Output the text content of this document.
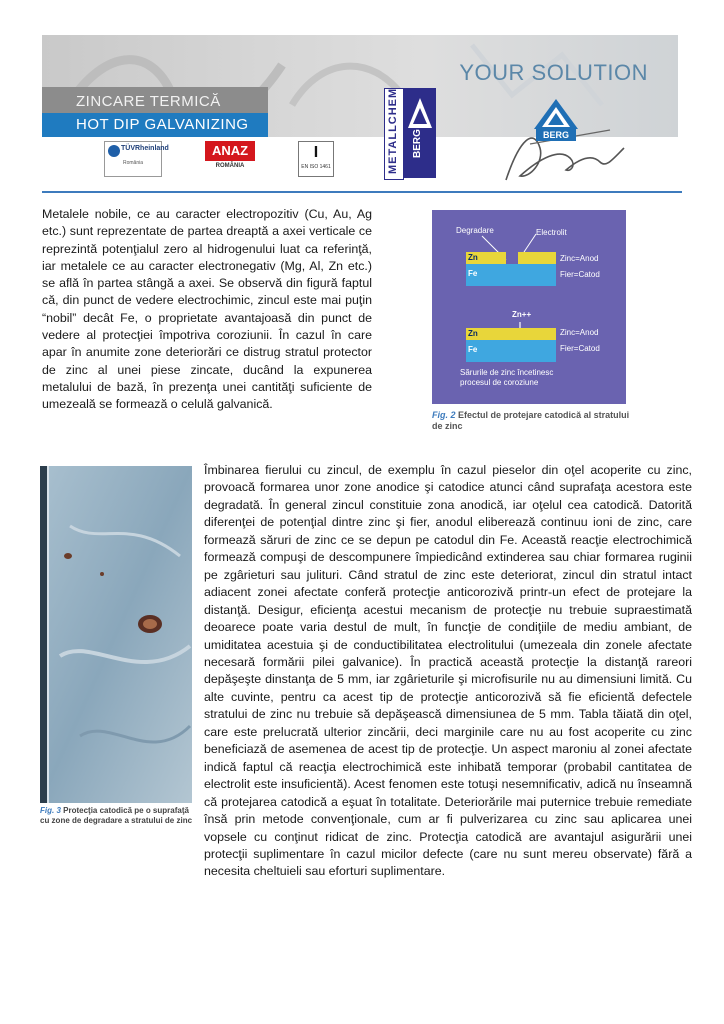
YOUR SOLUTION
ZINCARE TERMICĂ
HOT DIP GALVANIZING
TÜVRheinland
România
ANAZ
ROMÂNIA
I
EN ISO 1461	METALLCHEM BERG	BERG

Metalele nobile, ce au caracter electropozitiv (Cu, Au, Ag etc.) sunt reprezentate de partea dreaptă a axei verticale ce reprezintă potenţialul zero al hidrogenului luat ca referinţă, iar metalele ce au caracter electronegativ (Mg, Al, Zn etc.) se află în partea stângă a axei. Se observă din figură faptul că, din punct de vedere electrochimic, zincul este mai puţin “nobil” decât Fe, o proprietate avantajoasă din punct de vedere al protecţiei împotriva coroziunii. În cazul în care apar în anumite zone deteriorări ce distrug stratul protector de zinc al unei piese zincate, ducând la expunerea metalului de bază, în prezenţa unei cantităţi suficiente de umezeală se formează o celulă galvanică.

Degradare	Electrolit
Zn
Fe
Zinc=Anod
Fier=Catod
Zn++
Zn
Fe
Zinc=Anod
Fier=Catod
Sărurile de zinc încetinesc procesul de coroziune
Fig. 2 Efectul de protejare catodică al stratului de zinc
Fig. 3 Protecţia catodică pe o suprafaţă cu zone de degradare a stratului de zinc

Îmbinarea fierului cu zincul, de exemplu în cazul pieselor din oţel acoperite cu zinc, provoacă formarea unor zone anodice şi catodice atunci când suprafaţa acestora este degradată. În general zincul constituie zona anodică, iar oţelul cea catodică. Datorită diferenţei de potenţial dintre zinc şi fier, anodul eliberează continuu ioni de zinc, care formează săruri de zinc ce se depun pe catodul din Fe. Această reacţie electrochimică formează compuşi de descompunere împiedicând extinderea sau chiar formarea ruginii pe zgârieturi sau julituri. Când stratul de zinc este deteriorat, zincul din stratul intact adiacent zonei afectate conferă protecţie anticorozivă printr-un efect de protejare la distanţă. Desigur, eficienţa acestui mecanism de protecţie nu trebuie supraestimată deoarece poate varia destul de mult, în funcţie de condiţiile de mediu ambiant, de umiditatea acestuia şi de conductibilitatea electrolitului (umezeala din zonele afectate necesară formării pilei galvanice). În practică această protecţie la distanţă rareori depăşeşte dinstanţa de 5 mm, iar zgârieturile şi microfisurile nu au dimensiuni limită. Cu alte cuvinte, pentru ca acest tip de protecţie anticorozivă să fie eficientă defectele stratului de zinc nu trebuie să depăşească dimensiunea de 5 mm. Tabla tăiată din oţel, care este prelucrată ulterior zincării, deci marginile care nu au fost acoperite cu zinc beneficiază de asemenea de acest tip de protecţie. Un aspect maroniu al zonei afectate indică faptul că reacţia electrochimică este inhibată temporar (probabil cantitatea de electrolit este insuficientă). Acest fenomen este totuşi nesemnificativ, adică nu înseamnă că protejarea catodică a eşuat în totalitate. Deteriorările mai puternice trebuie remediate însă prin metode convenţionale, cum ar fi pulverizarea cu zinc sau aplicarea unei vopsele cu conţinut ridicat de zinc. Protecţia catodică are avantajul asigurării unei protecţii suplimentare în cazul micilor defecte (care nu sunt mereu observate) fără a necesita cheltuieli sau eforturi suplimentare.
